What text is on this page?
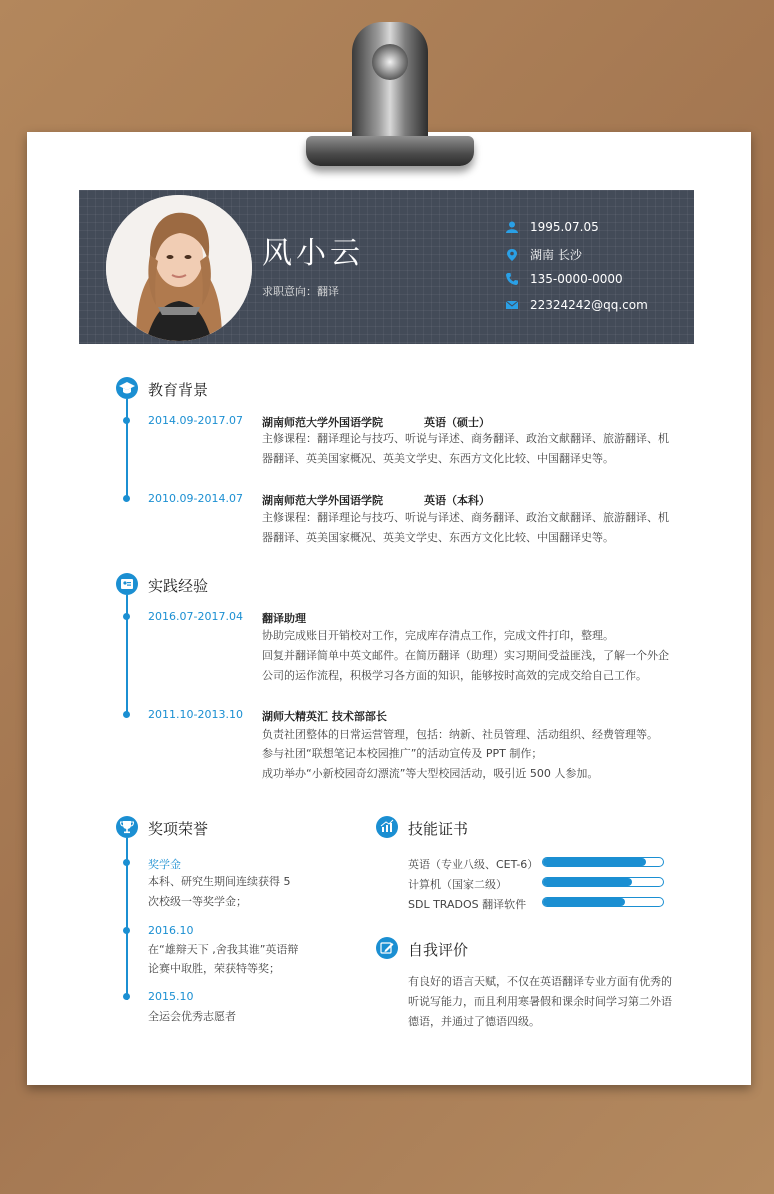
风小云
求职意向：翻译
1995.07.05
湖南 长沙
135-0000-0000
22324242@qq.com
教育背景
2014.09-2017.07 湖南师范大学外国语学院	英语（硕士）
主修课程：翻译理论与技巧、听说与译述、商务翻译、政治文献翻译、旅游翻译、机
器翻译、英美国家概况、英美文学史、东西方文化比较、中国翻译史等。
2010.09-2014.07 湖南师范大学外国语学院	英语（本科）
主修课程：翻译理论与技巧、听说与译述、商务翻译、政治文献翻译、旅游翻译、机
器翻译、英美国家概况、英美文学史、东西方文化比较、中国翻译史等。
实践经验
2016.07-2017.04 翻译助理
协助完成账目开销校对工作，完成库存清点工作，完成文件打印，整理。
回复并翻译简单中英文邮件。在简历翻译（助理）实习期间受益匪浅，了解一个外企
公司的运作流程，积极学习各方面的知识，能够按时高效的完成交给自己工作。
2011.10-2013.10 湖师大精英汇 技术部部长
负责社团整体的日常运营管理，包括：纳新、社员管理、活动组织、经费管理等。
参与社团“联想笔记本校园推广”的活动宣传及 PPT 制作；
成功举办“小新校园奇幻漂流”等大型校园活动，吸引近 500 人参加。
奖项荣誉
奖学金
本科、研究生期间连续获得 5
次校级一等奖学金；
2016.10
在“雄辩天下 ,舍我其谁”英语辩
论赛中取胜，荣获特等奖；
2015.10
全运会优秀志愿者
技能证书
英语（专业八级、CET-6）
计算机（国家二级）
SDL TRADOS 翻译软件
自我评价
有良好的语言天赋，不仅在英语翻译专业方面有优秀的
听说写能力，而且利用寒暑假和课余时间学习第二外语
德语，并通过了德语四级。
